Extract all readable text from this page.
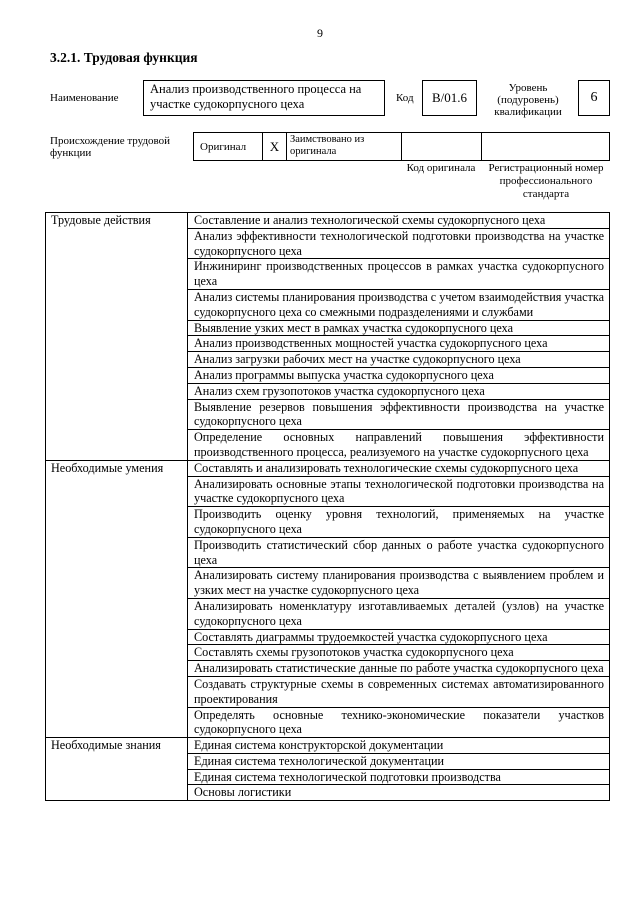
9
3.2.1. Трудовая функция
Наименование
Анализ производственного процесса на участке судокорпусного цеха	Код	B/01.6
Уровень (подуровень) квалификации
6
Происхождение трудовой функции
Оригинал	X	Заимствовано из оригинала
Код оригинала	Регистрационный номер профессионального стандарта
Трудовые действия	Составление и анализ технологической схемы судокорпусного цеха
	Анализ эффективности технологической подготовки производства на участке судокорпусного цеха
	Инжиниринг производственных процессов в рамках участка судокорпусного цеха
	Анализ системы планирования производства с учетом взаимодействия участка судокорпусного цеха со смежными подразделениями и службами
	Выявление узких мест в рамках участка судокорпусного цеха
	Анализ производственных мощностей участка судокорпусного цеха
	Анализ загрузки рабочих мест на участке судокорпусного цеха
	Анализ программы выпуска участка судокорпусного цеха
	Анализ схем грузопотоков участка судокорпусного цеха
	Выявление резервов повышения эффективности производства на участке судокорпусного цеха
	Определение основных направлений повышения эффективности производственного процесса, реализуемого на участке судокорпусного цеха
Необходимые умения	Составлять и анализировать технологические схемы судокорпусного цеха
	Анализировать основные этапы технологической подготовки производства на участке судокорпусного цеха
	Производить оценку уровня технологий, применяемых на участке судокорпусного цеха
	Производить статистический сбор данных о работе участка судокорпусного цеха
	Анализировать систему планирования производства с выявлением проблем и узких мест на участке судокорпусного цеха
	Анализировать номенклатуру изготавливаемых деталей (узлов) на участке судокорпусного цеха
	Составлять диаграммы трудоемкостей участка судокорпусного цеха
	Составлять схемы грузопотоков участка судокорпусного цеха
	Анализировать статистические данные по работе участка судокорпусного цеха
	Создавать структурные схемы в современных системах автоматизированного проектирования
	Определять основные технико-экономические показатели участков судокорпусного цеха
Необходимые знания	Единая система конструкторской документации
	Единая система технологической документации
	Единая система технологической подготовки производства
	Основы логистики
